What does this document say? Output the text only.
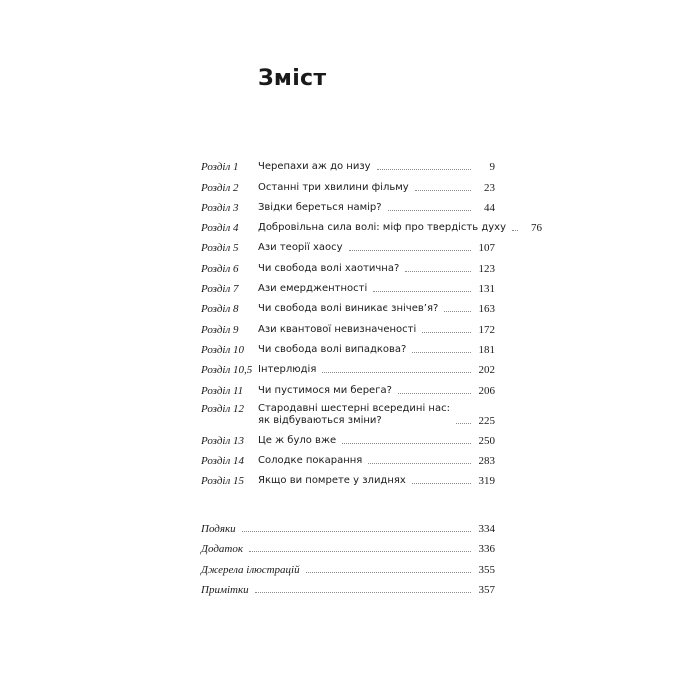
Зміст
Розділ 1 Черепахи аж до низу	9
Розділ 2 Останні три хвилини фільму	23
Розділ 3 Звідки береться намір?	44
Розділ 4 Добровільна сила волі: міф про твердість духу	76
Розділ 5 Ази теорії хаосу	107
Розділ 6 Чи свобода волі хаотична?	123
Розділ 7 Ази емерджентності	131
Розділ 8 Чи свобода волі виникає знічев’я?	163
Розділ 9 Ази квантової невизначеності	172
Розділ 10 Чи свобода волі випадкова?	181
Розділ 10,5 Інтерлюдія	202
Розділ 11 Чи пустимося ми берега?	206
Розділ 12 Стародавні шестерні всередині нас:
як відбуваються зміни?	225
Розділ 13 Це ж було вже	250
Розділ 14 Солодке покарання	283
Розділ 15 Якщо ви помрете у злиднях	319
Подяки	334
Додаток	336
Джерела ілюстрацій	355
Примітки	357
